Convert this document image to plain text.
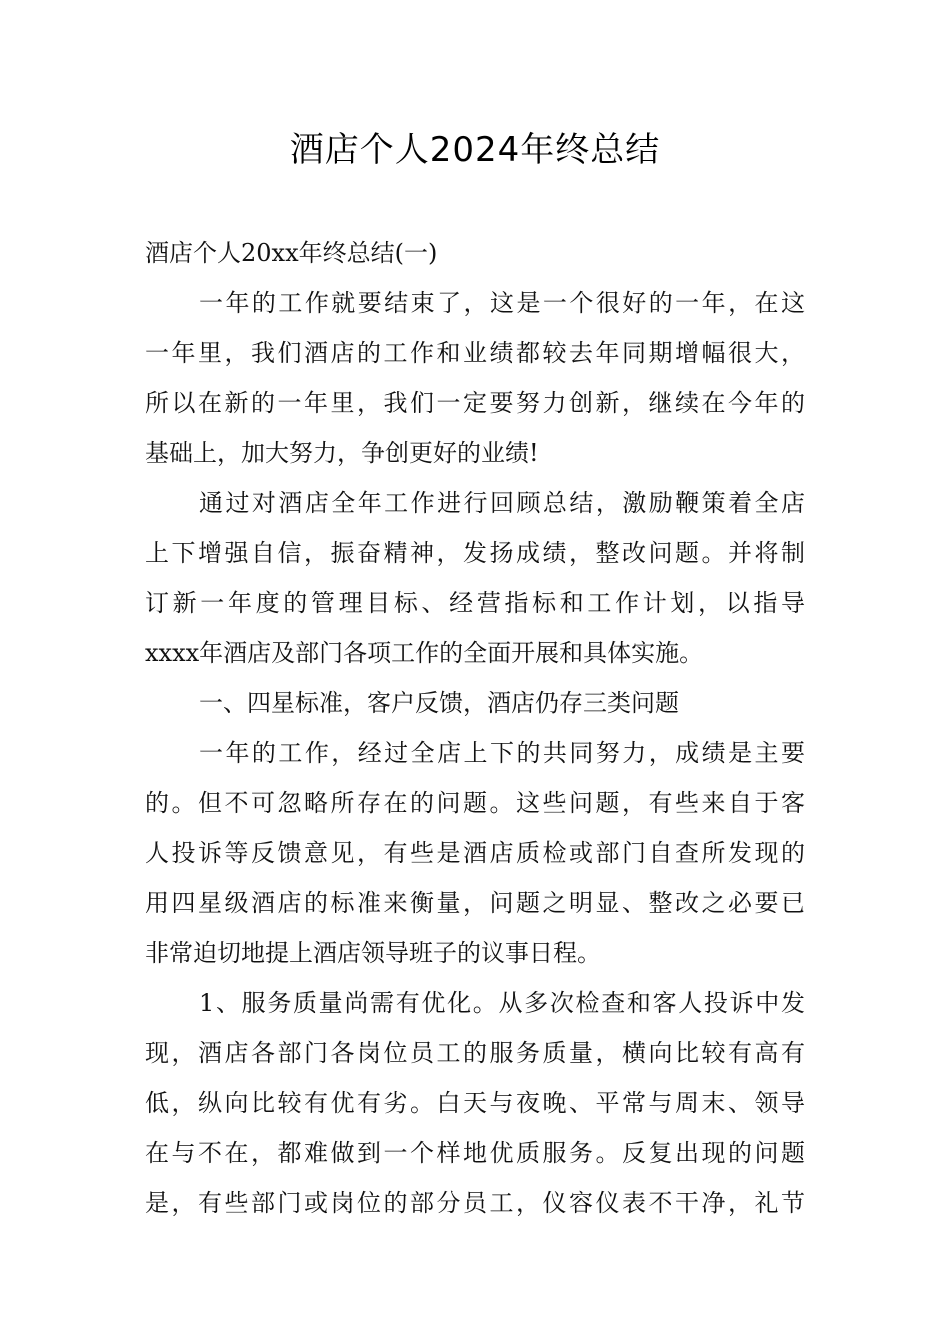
酒店个人2024年终总结
酒店个人20xx年终总结(一)
一年的工作就要结束了，这是一个很好的一年，在这
一年里，我们酒店的工作和业绩都较去年同期增幅很大，
所以在新的一年里，我们一定要努力创新，继续在今年的
基础上，加大努力，争创更好的业绩!
通过对酒店全年工作进行回顾总结，激励鞭策着全店
上下增强自信，振奋精神，发扬成绩，整改问题。并将制
订新一年度的管理目标、经营指标和工作计划，以指导
xxxx年酒店及部门各项工作的全面开展和具体实施。
一、四星标准，客户反馈，酒店仍存三类问题
一年的工作，经过全店上下的共同努力，成绩是主要
的。但不可忽略所存在的问题。这些问题，有些来自于客
人投诉等反馈意见，有些是酒店质检或部门自查所发现的
用四星级酒店的标准来衡量，问题之明显、整改之必要已
非常迫切地提上酒店领导班子的议事日程。
1、服务质量尚需有优化。从多次检查和客人投诉中发
现，酒店各部门各岗位员工的服务质量，横向比较有高有
低，纵向比较有优有劣。白天与夜晚、平常与周末、领导
在与不在，都难做到一个样地优质服务。反复出现的问题
是，有些部门或岗位的部分员工，仪容仪表不干净，礼节
